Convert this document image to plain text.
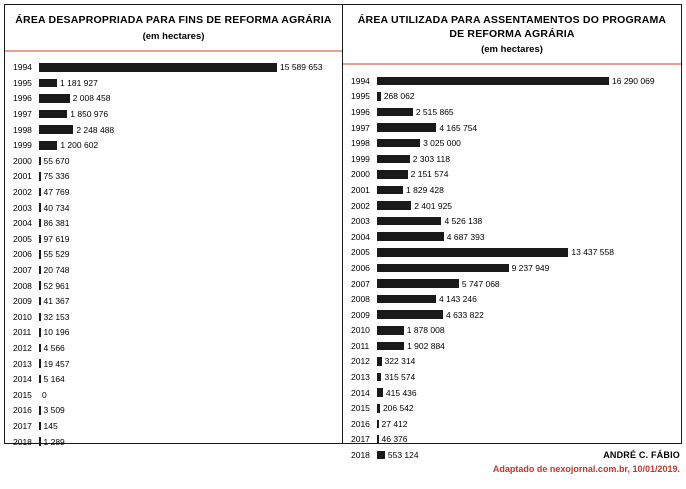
ÁREA DESAPROPRIADA PARA FINS DE REFORMA AGRÁRIA
(em hectares)
1994	15 589 653
1995	1 181 927
1996	2 008 458
1997	1 850 976
1998	2 248 488
1999	1 200 602
2000	55 670
2001	75 336
2002	47 769
2003	40 734
2004	86 381
2005	97 619
2006	55 529
2007	20 748
2008	52 961
2009	41 367
2010	32 153
2011	10 196
2012	4 566
2013	19 457
2014	5 164
2015	0
2016	3 509
2017	145
2018	1 289
ÁREA UTILIZADA PARA ASSENTAMENTOS DO PROGRAMA DE REFORMA AGRÁRIA
(em hectares)
1994	16 290 069
1995	268 062
1996	2 515 865
1997	4 165 754
1998	3 025 000
1999	2 303 118
2000	2 151 574
2001	1 829 428
2002	2 401 925
2003	4 526 138
2004	4 687 393
2005	13 437 558
2006	9 237 949
2007	5 747 068
2008	4 143 246
2009	4 633 822
2010	1 878 008
2011	1 902 884
2012	322 314
2013	315 574
2014	415 436
2015	206 542
2016	27 412
2017	46 376
2018	553 124	ANDRÉ C. FÁBIO
Adaptado de nexojornal.com.br, 10/01/2019.
